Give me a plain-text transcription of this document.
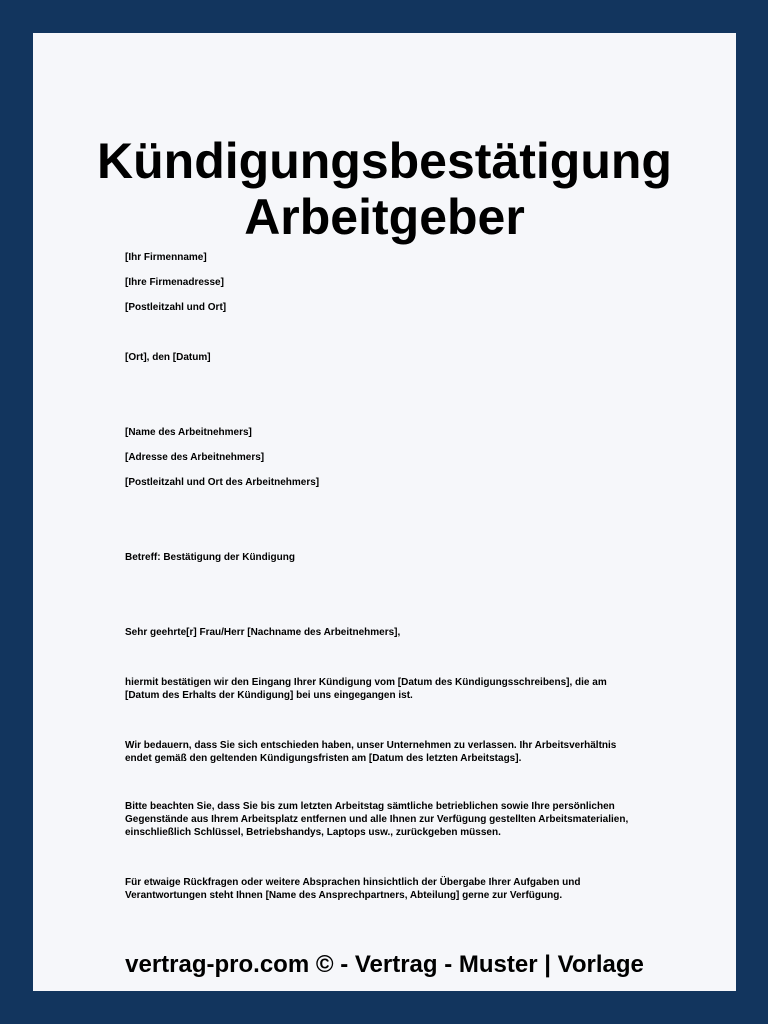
Kündigungsbestätigung
Arbeitgeber
[Ihr Firmenname]
[Ihre Firmenadresse]
[Postleitzahl und Ort]
[Ort], den [Datum]
[Name des Arbeitnehmers]
[Adresse des Arbeitnehmers]
[Postleitzahl und Ort des Arbeitnehmers]
Betreff: Bestätigung der Kündigung
Sehr geehrte[r] Frau/Herr [Nachname des Arbeitnehmers],
hiermit bestätigen wir den Eingang Ihrer Kündigung vom [Datum des Kündigungsschreibens], die am
[Datum des Erhalts der Kündigung] bei uns eingegangen ist.
Wir bedauern, dass Sie sich entschieden haben, unser Unternehmen zu verlassen. Ihr Arbeitsverhältnis
endet gemäß den geltenden Kündigungsfristen am [Datum des letzten Arbeitstags].
Bitte beachten Sie, dass Sie bis zum letzten Arbeitstag sämtliche betrieblichen sowie Ihre persönlichen
Gegenstände aus Ihrem Arbeitsplatz entfernen und alle Ihnen zur Verfügung gestellten Arbeitsmaterialien,
einschließlich Schlüssel, Betriebshandys, Laptops usw., zurückgeben müssen.
Für etwaige Rückfragen oder weitere Absprachen hinsichtlich der Übergabe Ihrer Aufgaben und
Verantwortungen steht Ihnen [Name des Ansprechpartners, Abteilung] gerne zur Verfügung.
vertrag-pro.com © - Vertrag - Muster | Vorlage
